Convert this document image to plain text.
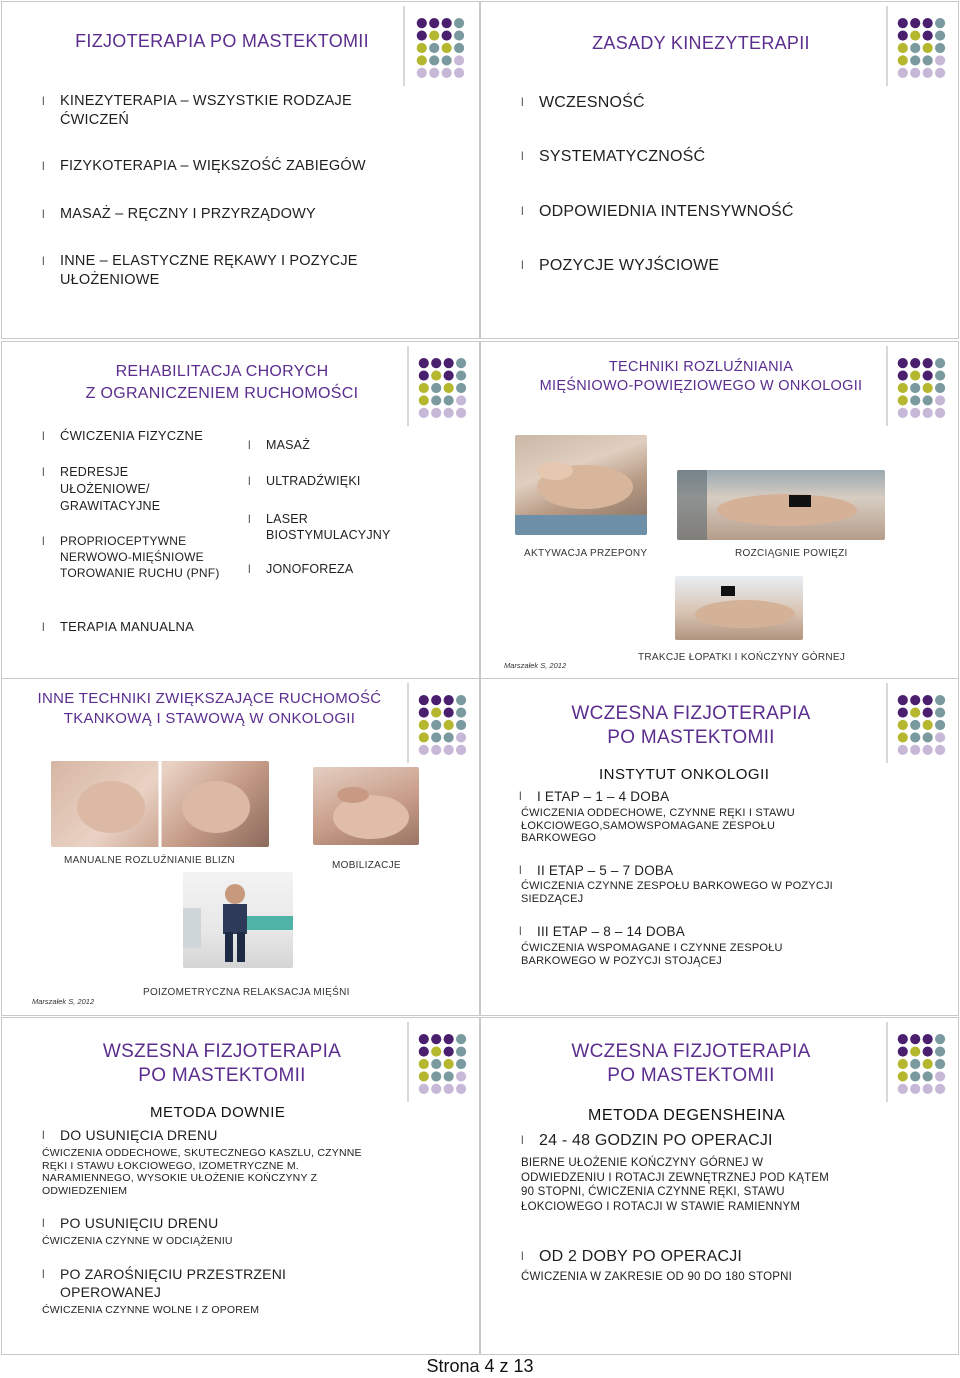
FIZJOTERAPIA PO MASTEKTOMII
l KINEZYTERAPIA – WSZYSTKIE RODZAJE ĆWICZEŃ
l FIZYKOTERAPIA – WIĘKSZOŚĆ ZABIEGÓW
l MASAŻ – RĘCZNY I PRZYRZĄDOWY
l INNE – ELASTYCZNE RĘKAWY I POZYCJE UŁOŻENIOWE
ZASADY KINEZYTERAPII
l WCZESNOŚĆ
l SYSTEMATYCZNOŚĆ
l ODPOWIEDNIA INTENSYWNOŚĆ
l POZYCJE WYJŚCIOWE
REHABILITACJA CHORYCH
Z OGRANICZENIEM RUCHOMOŚCI
l ĆWICZENIA FIZYCZNE
l REDRESJE UŁOŻENIOWE/ GRAWITACYJNE
l PROPRIOCEPTYWNE NERWOWO-MIĘŚNIOWE TOROWANIE RUCHU (PNF)
l TERAPIA MANUALNA
l MASAŻ
l ULTRADŹWIĘKI
l LASER BIOSTYMULACYJNY
l JONOFOREZA
TECHNIKI ROZLUŹNIANIA
MIĘŚNIOWO-POWIĘZIOWEGO W ONKOLOGII
AKTYWACJA PRZEPONY	ROZCIĄGNIE POWIĘZI
Marszałek S, 2012
TRAKCJE ŁOPATKI I KOŃCZYNY GÓRNEJ
INNE TECHNIKI ZWIĘKSZAJĄCE RUCHOMOŚĆ
TKANKOWĄ I STAWOWĄ W ONKOLOGII
MANUALNE ROZLUŹNIANIE BLIZN	MOBILIZACJE
POIZOMETRYCZNA RELAKSACJA MIĘŚNI
Marszałek S, 2012
WCZESNA FIZJOTERAPIA
PO MASTEKTOMII
INSTYTUT ONKOLOGII
l I ETAP – 1 – 4 DOBA
ĆWICZENIA ODDECHOWE, CZYNNE RĘKI I STAWU ŁOKCIOWEGO,SAMOWSPOMAGANE ZESPOŁU BARKOWEGO
l II ETAP – 5 – 7 DOBA
ĆWICZENIA CZYNNE ZESPOŁU BARKOWEGO W POZYCJI SIEDZĄCEJ
l III ETAP – 8 – 14 DOBA
ĆWICZENIA WSPOMAGANE I CZYNNE ZESPOŁU BARKOWEGO W POZYCJI STOJĄCEJ
WSZESNA FIZJOTERAPIA
PO MASTEKTOMII
METODA DOWNIE
l DO USUNIĘCIA DRENU
ĆWICZENIA ODDECHOWE, SKUTECZNEGO KASZLU, CZYNNE RĘKI I STAWU ŁOKCIOWEGO, IZOMETRYCZNE M. NARAMIENNEGO, WYSOKIE UŁOŻENIE KOŃCZYNY Z ODWIEDZENIEM
l PO USUNIĘCIU DRENU
ĆWICZENIA CZYNNE W ODCIĄŻENIU
l PO ZAROŚNIĘCIU PRZESTRZENI OPEROWANEJ
ĆWICZENIA CZYNNE WOLNE I Z OPOREM
WCZESNA FIZJOTERAPIA
PO MASTEKTOMII
METODA DEGENSHEINA
l 24 - 48 GODZIN PO OPERACJI
BIERNE UŁOŻENIE KOŃCZYNY GÓRNEJ W ODWIEDZENIU I ROTACJI ZEWNĘTRZNEJ POD KĄTEM 90 STOPNI, ĆWICZENIA CZYNNE RĘKI, STAWU ŁOKCIOWEGO I ROTACJI W STAWIE RAMIENNYM
l OD 2 DOBY PO OPERACJI
ĆWICZENIA W ZAKRESIE OD 90 DO 180 STOPNI
Strona 4 z 13
